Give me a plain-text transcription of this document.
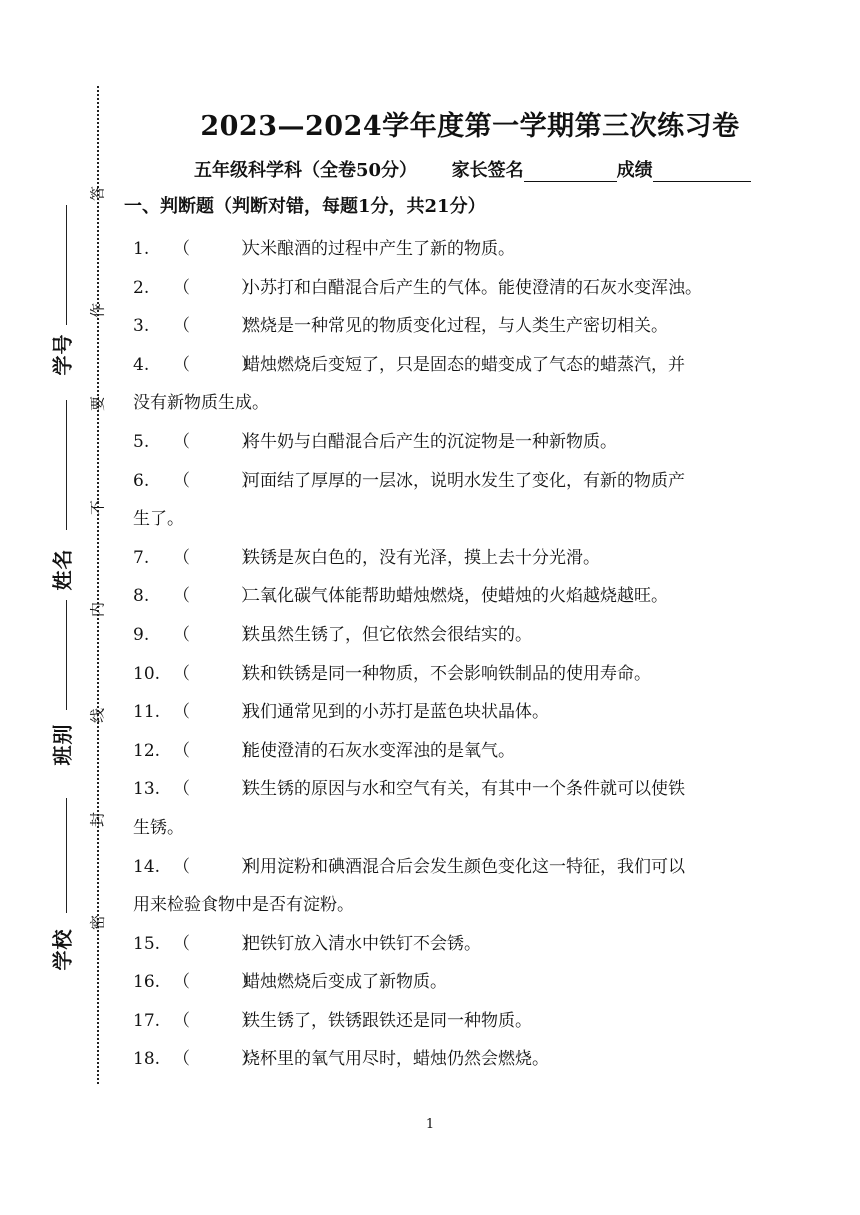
答
作
要
不
内
线
封
密
学号
姓名
班别
学校
2023—2024学年度第一学期第三次练习卷
五年级科学科（全卷50分） 家长签名	成绩
一、判断题（判断对错，每题1分，共21分）
1. （　　　）大米酿酒的过程中产生了新的物质。
2. （　　　）小苏打和白醋混合后产生的气体。能使澄清的石灰水变浑浊。
3. （　　　）燃烧是一种常见的物质变化过程，与人类生产密切相关。
4. （　　　）蜡烛燃烧后变短了，只是固态的蜡变成了气态的蜡蒸汽，并
没有新物质生成。
5. （　　　）将牛奶与白醋混合后产生的沉淀物是一种新物质。
6. （　　　）河面结了厚厚的一层冰，说明水发生了变化，有新的物质产
生了。
7. （　　　）铁锈是灰白色的，没有光泽，摸上去十分光滑。
8. （　　　）二氧化碳气体能帮助蜡烛燃烧，使蜡烛的火焰越烧越旺。
9. （　　　）铁虽然生锈了，但它依然会很结实的。
10. （　　　）铁和铁锈是同一种物质，不会影响铁制品的使用寿命。
11. （　　　）我们通常见到的小苏打是蓝色块状晶体。
12. （　　　）能使澄清的石灰水变浑浊的是氧气。
13. （　　　）铁生锈的原因与水和空气有关，有其中一个条件就可以使铁
生锈。
14. （　　　）利用淀粉和碘酒混合后会发生颜色变化这一特征，我们可以
用来检验食物中是否有淀粉。
15. （　　　）把铁钉放入清水中铁钉不会锈。
16. （　　　）蜡烛燃烧后变成了新物质。
17. （　　　）铁生锈了，铁锈跟铁还是同一种物质。
18. （　　　）烧杯里的氧气用尽时，蜡烛仍然会燃烧。
1
